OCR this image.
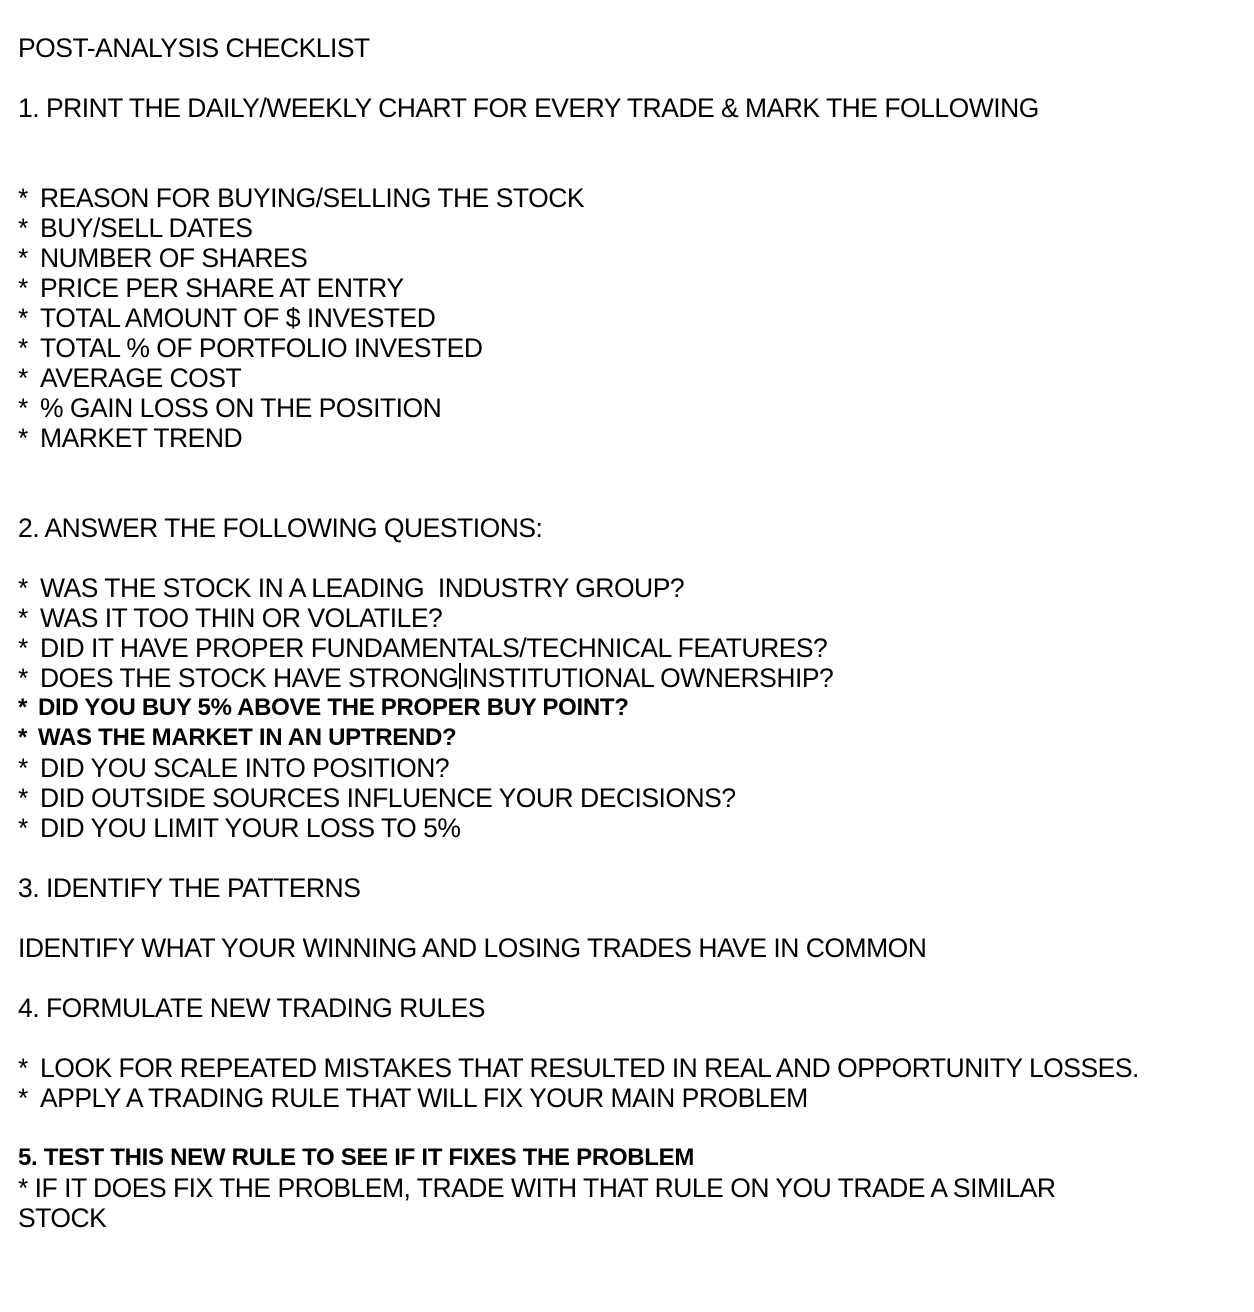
POST-ANALYSIS CHECKLIST
1. PRINT THE DAILY/WEEKLY CHART FOR EVERY TRADE & MARK THE FOLLOWING
* REASON FOR BUYING/SELLING THE STOCK
* BUY/SELL DATES
* NUMBER OF SHARES
* PRICE PER SHARE AT ENTRY
* TOTAL AMOUNT OF $ INVESTED
* TOTAL % OF PORTFOLIO INVESTED
* AVERAGE COST
* % GAIN LOSS ON THE POSITION
* MARKET TREND
2. ANSWER THE FOLLOWING QUESTIONS:
* WAS THE STOCK IN A LEADING  INDUSTRY GROUP?
* WAS IT TOO THIN OR VOLATILE?
* DID IT HAVE PROPER FUNDAMENTALS/TECHNICAL FEATURES?
* DOES THE STOCK HAVE STRONG INSTITUTIONAL OWNERSHIP?
* DID YOU BUY 5% ABOVE THE PROPER BUY POINT?
* WAS THE MARKET IN AN UPTREND?
* DID YOU SCALE INTO POSITION?
* DID OUTSIDE SOURCES INFLUENCE YOUR DECISIONS?
* DID YOU LIMIT YOUR LOSS TO 5%
3. IDENTIFY THE PATTERNS
IDENTIFY WHAT YOUR WINNING AND LOSING TRADES HAVE IN COMMON
4. FORMULATE NEW TRADING RULES
* LOOK FOR REPEATED MISTAKES THAT RESULTED IN REAL AND OPPORTUNITY LOSSES.
* APPLY A TRADING RULE THAT WILL FIX YOUR MAIN PROBLEM
5. TEST THIS NEW RULE TO SEE IF IT FIXES THE PROBLEM
* IF IT DOES FIX THE PROBLEM, TRADE WITH THAT RULE ON YOU TRADE A SIMILAR STOCK
